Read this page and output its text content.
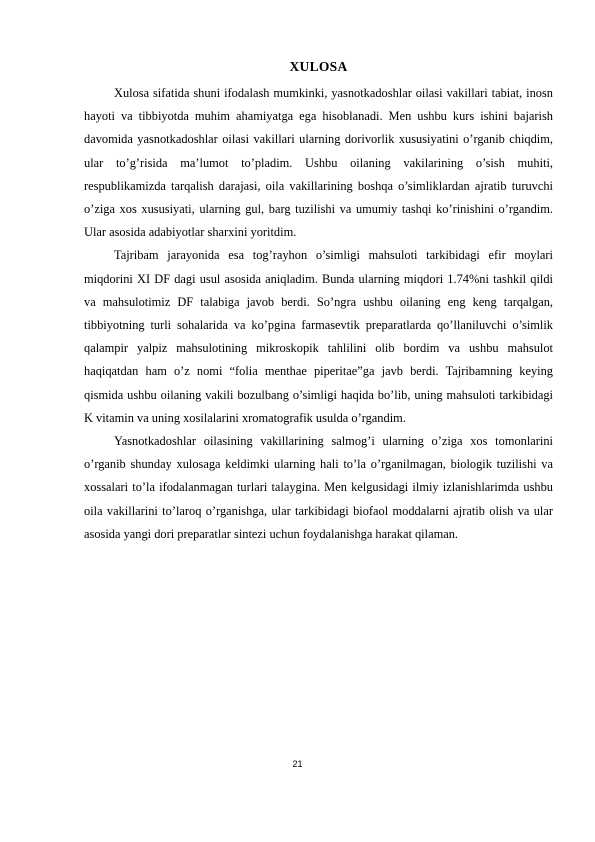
XULOSA

Xulosa sifatida shuni ifodalash mumkinki, yasnotkadoshlar oilasi vakillari tabiat, inosn hayoti va tibbiyotda muhim ahamiyatga ega hisoblanadi. Men ushbu kurs ishini bajarish davomida yasnotkadoshlar oilasi vakillari ularning dorivorlik xususiyatini o’rganib chiqdim, ular to’g’risida ma’lumot to’pladim. Ushbu oilaning vakilarining o’sish muhiti, respublikamizda tarqalish darajasi, oila vakillarining boshqa o’simliklardan ajratib turuvchi o’ziga xos xususiyati, ularning gul, barg tuzilishi va umumiy tashqi ko’rinishini o’rgandim. Ular asosida adabiyotlar sharxini yoritdim.

Tajribam jarayonida esa tog’rayhon o’simligi mahsuloti tarkibidagi efir moylari miqdorini XI DF dagi usul asosida aniqladim. Bunda ularning miqdori 1.74%ni tashkil qildi va mahsulotimiz DF talabiga javob berdi. So’ngra ushbu oilaning eng keng tarqalgan, tibbiyotning turli sohalarida va ko’pgina farmasevtik preparatlarda qo’llaniluvchi o’simlik qalampir yalpiz mahsulotining mikroskopik tahlilini olib bordim va ushbu mahsulot haqiqatdan ham o’z nomi “folia menthae piperitae”ga javb berdi. Tajribamning keying qismida ushbu oilaning vakili bozulbang o’simligi haqida bo’lib, uning mahsuloti tarkibidagi K vitamin va uning xosilalarini xromatografik usulda o’rgandim.

Yasnotkadoshlar oilasining vakillarining salmog’i ularning o’ziga xos tomonlarini o’rganib shunday xulosaga keldimki ularning hali to’la o’rganilmagan, biologik tuzilishi va xossalari to’la ifodalanmagan turlari talaygina. Men kelgusidagi ilmiy izlanishlarimda ushbu oila vakillarini to’laroq o’rganishga, ular tarkibidagi biofaol moddalarni ajratib olish va ular asosida yangi dori preparatlar sintezi uchun foydalanishga harakat qilaman.

21
